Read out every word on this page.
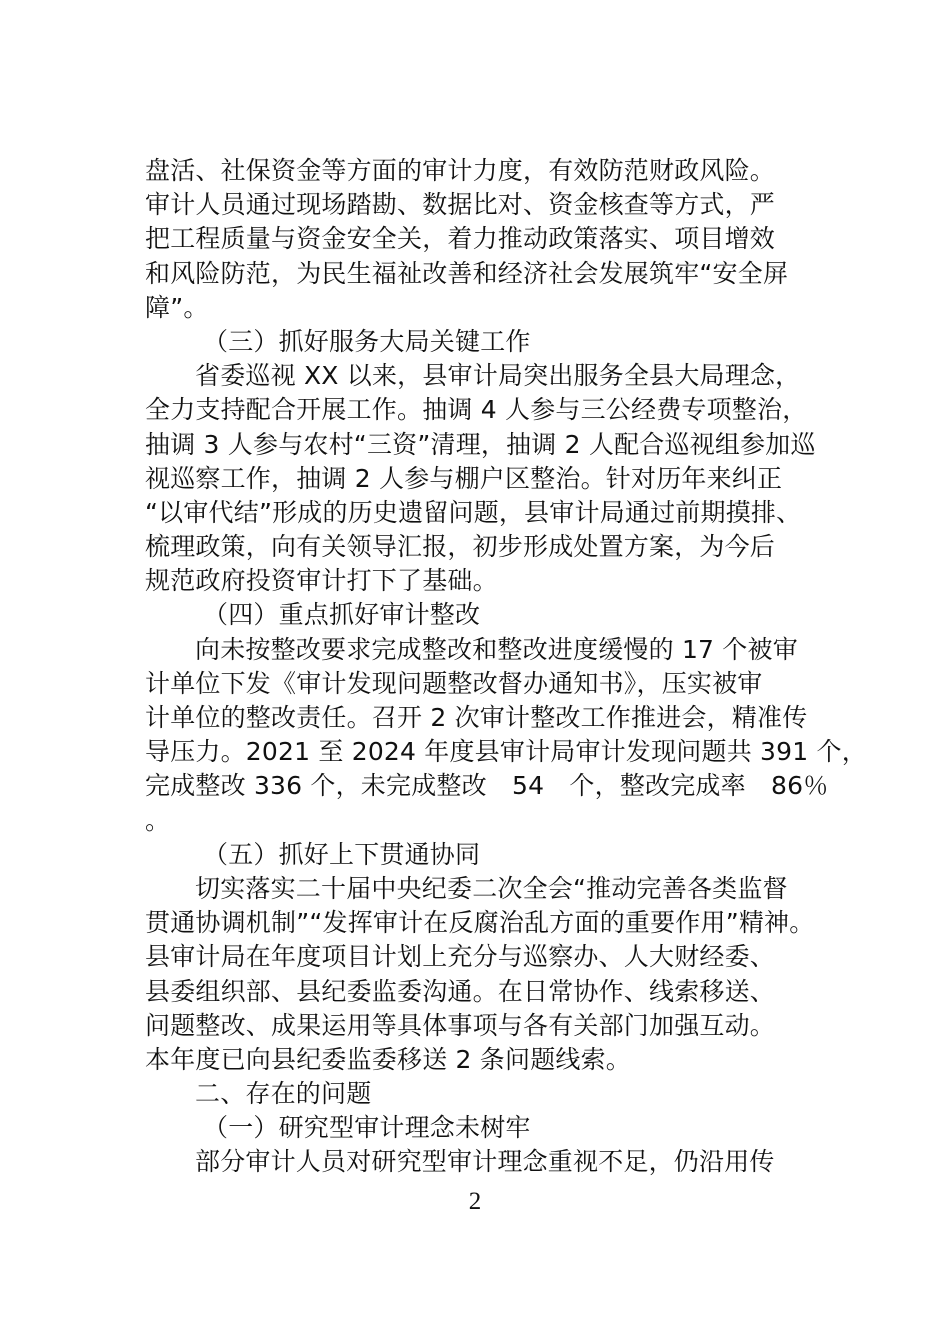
盘活、社保资金等方面的审计力度，有效防范财政风险。
审计人员通过现场踏勘、数据比对、资金核查等方式，严
把工程质量与资金安全关，着力推动政策落实、项目增效
和风险防范，为民生福祉改善和经济社会发展筑牢“安全屏
障”。
（三）抓好服务大局关键工作
省委巡视 XX 以来，县审计局突出服务全县大局理念，
全力支持配合开展工作。抽调 4 人参与三公经费专项整治，
抽调 3 人参与农村“三资”清理，抽调 2 人配合巡视组参加巡
视巡察工作，抽调 2 人参与棚户区整治。针对历年来纠正
“以审代结”形成的历史遗留问题，县审计局通过前期摸排、
梳理政策，向有关领导汇报，初步形成处置方案，为今后
规范政府投资审计打下了基础。
（四）重点抓好审计整改
向未按整改要求完成整改和整改进度缓慢的 17 个被审
计单位下发《审计发现问题整改督办通知书》，压实被审
计单位的整改责任。召开 2 次审计整改工作推进会，精准传
导压力。2021 至 2024 年度县审计局审计发现问题共 391 个，
完成整改 336 个，未完成整改　54　个，整改完成率　86％
。
（五）抓好上下贯通协同
切实落实二十届中央纪委二次全会“推动完善各类监督
贯通协调机制”“发挥审计在反腐治乱方面的重要作用”精神。
县审计局在年度项目计划上充分与巡察办、人大财经委、
县委组织部、县纪委监委沟通。在日常协作、线索移送、
问题整改、成果运用等具体事项与各有关部门加强互动。
本年度已向县纪委监委移送 2 条问题线索。
二、存在的问题
（一）研究型审计理念未树牢
部分审计人员对研究型审计理念重视不足，仍沿用传
2
